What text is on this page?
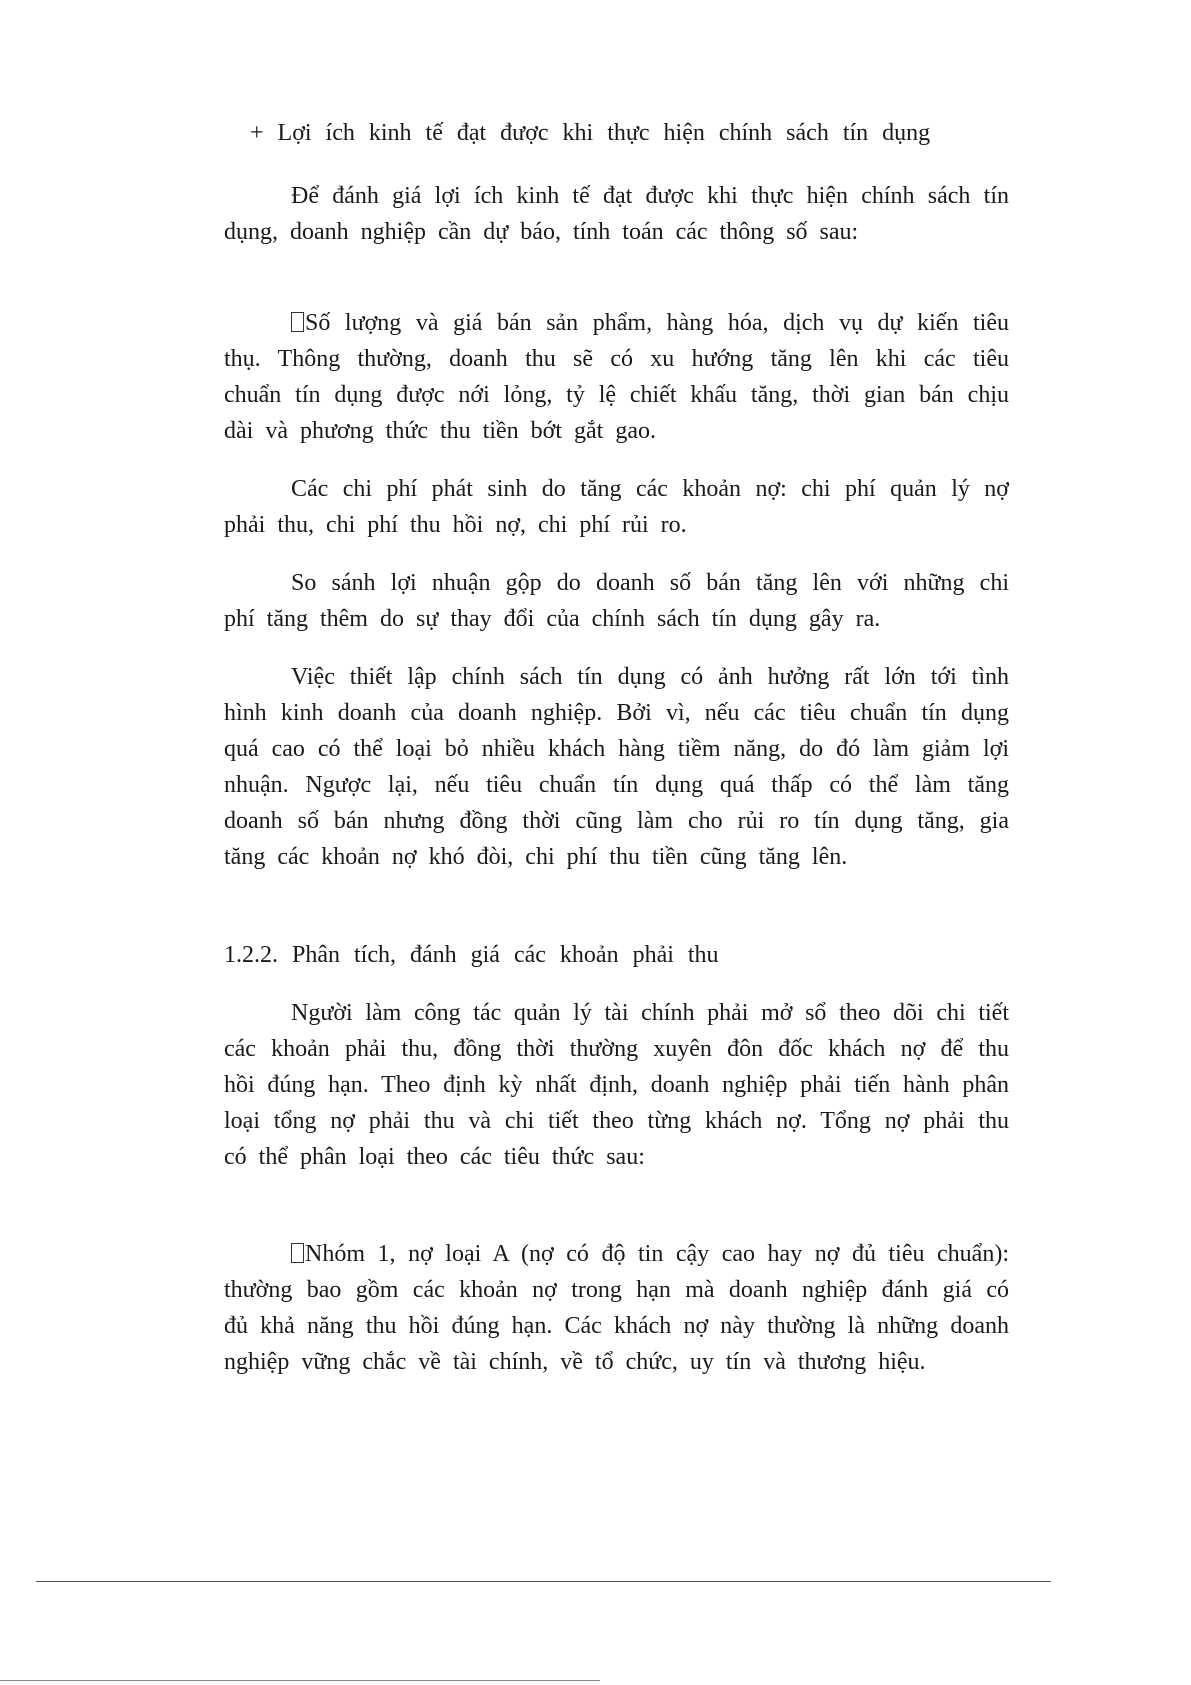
+ Lợi ích kinh tế đạt được khi thực hiện chính sách tín dụng

Để đánh giá lợi ích kinh tế đạt được khi thực hiện chính sách tín dụng, doanh nghiệp cần dự báo, tính toán các thông số sau:

Số lượng và giá bán sản phẩm, hàng hóa, dịch vụ dự kiến tiêu thụ. Thông thường, doanh thu sẽ có xu hướng tăng lên khi các tiêu chuẩn tín dụng được nới lỏng, tỷ lệ chiết khấu tăng, thời gian bán chịu dài và phương thức thu tiền bớt gắt gao.

Các chi phí phát sinh do tăng các khoản nợ: chi phí quản lý nợ phải thu, chi phí thu hồi nợ, chi phí rủi ro.

So sánh lợi nhuận gộp do doanh số bán tăng lên với những chi phí tăng thêm do sự thay đổi của chính sách tín dụng gây ra.

Việc thiết lập chính sách tín dụng có ảnh hưởng rất lớn tới tình hình kinh doanh của doanh nghiệp. Bởi vì, nếu các tiêu chuẩn tín dụng quá cao có thể loại bỏ nhiều khách hàng tiềm năng, do đó làm giảm lợi nhuận. Ngược lại, nếu tiêu chuẩn tín dụng quá thấp có thể làm tăng doanh số bán nhưng đồng thời cũng làm cho rủi ro tín dụng tăng, gia tăng các khoản nợ khó đòi, chi phí thu tiền cũng tăng lên.

1.2.2. Phân tích, đánh giá các khoản phải thu

Người làm công tác quản lý tài chính phải mở sổ theo dõi chi tiết các khoản phải thu, đồng thời thường xuyên đôn đốc khách nợ để thu hồi đúng hạn. Theo định kỳ nhất định, doanh nghiệp phải tiến hành phân loại tổng nợ phải thu và chi tiết theo từng khách nợ. Tổng nợ phải thu có thể phân loại theo các tiêu thức sau:

Nhóm 1, nợ loại A (nợ có độ tin cậy cao hay nợ đủ tiêu chuẩn): thường bao gồm các khoản nợ trong hạn mà doanh nghiệp đánh giá có đủ khả năng thu hồi đúng hạn. Các khách nợ này thường là những doanh nghiệp vững chắc về tài chính, về tổ chức, uy tín và thương hiệu.
